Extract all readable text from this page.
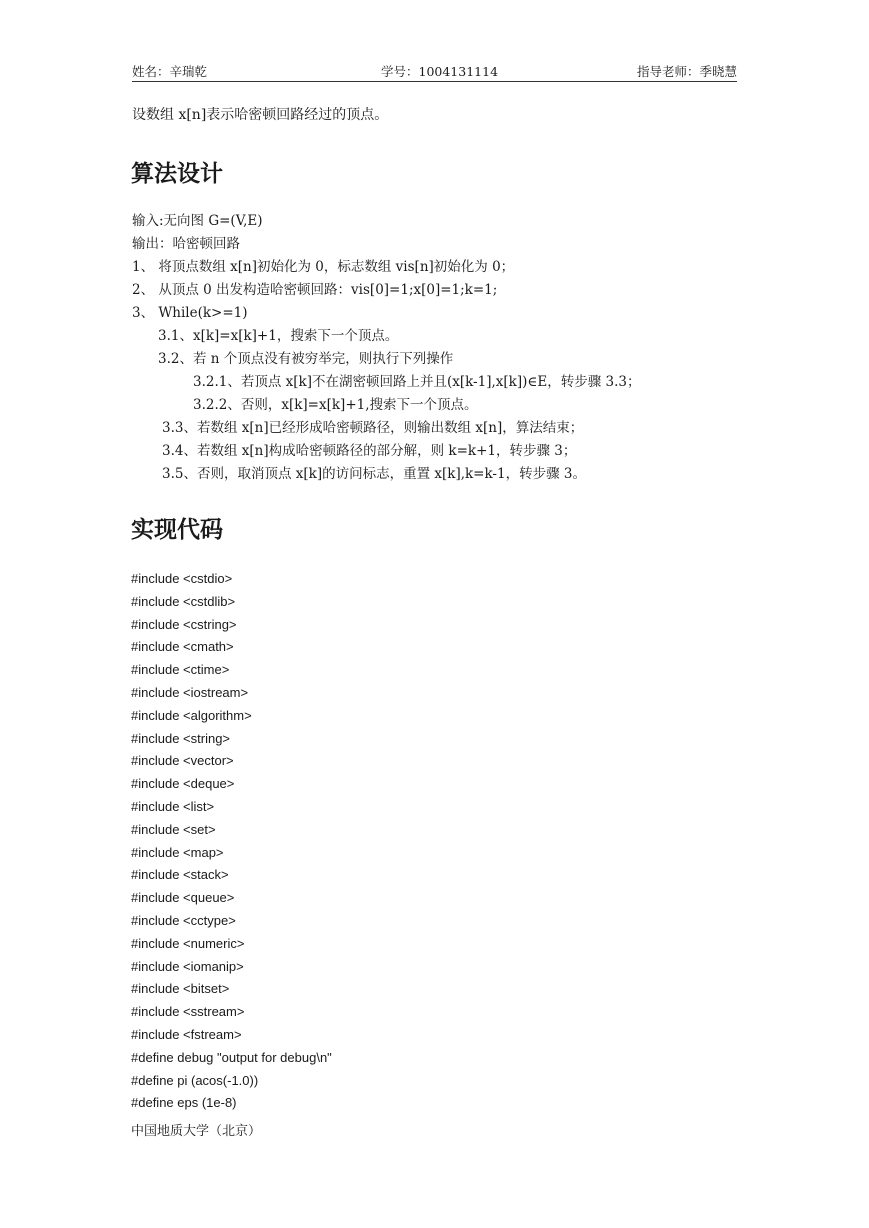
姓名：辛瑞乾	学号：1004131114	指导老师：季晓慧
设数组 x[n]表示哈密顿回路经过的顶点。
算法设计
输入:无向图 G=(V,E)
输出：哈密顿回路
1、 将顶点数组 x[n]初始化为 0，标志数组 vis[n]初始化为 0；
2、 从顶点 0 出发构造哈密顿回路：vis[0]=1;x[0]=1;k=1;
3、 While(k>=1)
3.1、x[k]=x[k]+1，搜索下一个顶点。
3.2、若 n 个顶点没有被穷举完，则执行下列操作
3.2.1、若顶点 x[k]不在湖密顿回路上并且(x[k-1],x[k])∈E，转步骤 3.3；
3.2.2、否则，x[k]=x[k]+1,搜索下一个顶点。
3.3、若数组 x[n]已经形成哈密顿路径，则输出数组 x[n]，算法结束；
3.4、若数组 x[n]构成哈密顿路径的部分解，则 k=k+1，转步骤 3；
3.5、否则，取消顶点 x[k]的访问标志，重置 x[k],k=k-1，转步骤 3。
实现代码
#include <cstdio>
#include <cstdlib>
#include <cstring>
#include <cmath>
#include <ctime>
#include <iostream>
#include <algorithm>
#include <string>
#include <vector>
#include <deque>
#include <list>
#include <set>
#include <map>
#include <stack>
#include <queue>
#include <cctype>
#include <numeric>
#include <iomanip>
#include <bitset>
#include <sstream>
#include <fstream>
#define debug "output for debug\n"
#define pi (acos(-1.0))
#define eps (1e-8)
中国地质大学（北京）
